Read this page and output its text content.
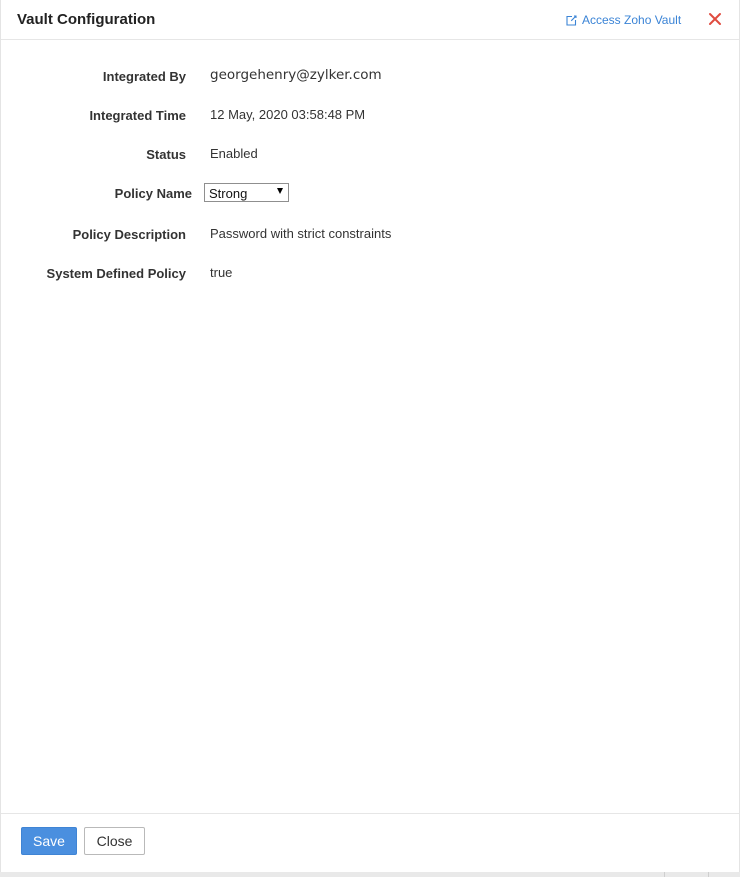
Vault Configuration	Access Zoho Vault
Integrated By georgehenry@zylker.com
Integrated Time 12 May, 2020 03:58:48 PM
Status Enabled
Policy Name Strong
Policy Description Password with strict constraints
System Defined Policy true
Save	Close
